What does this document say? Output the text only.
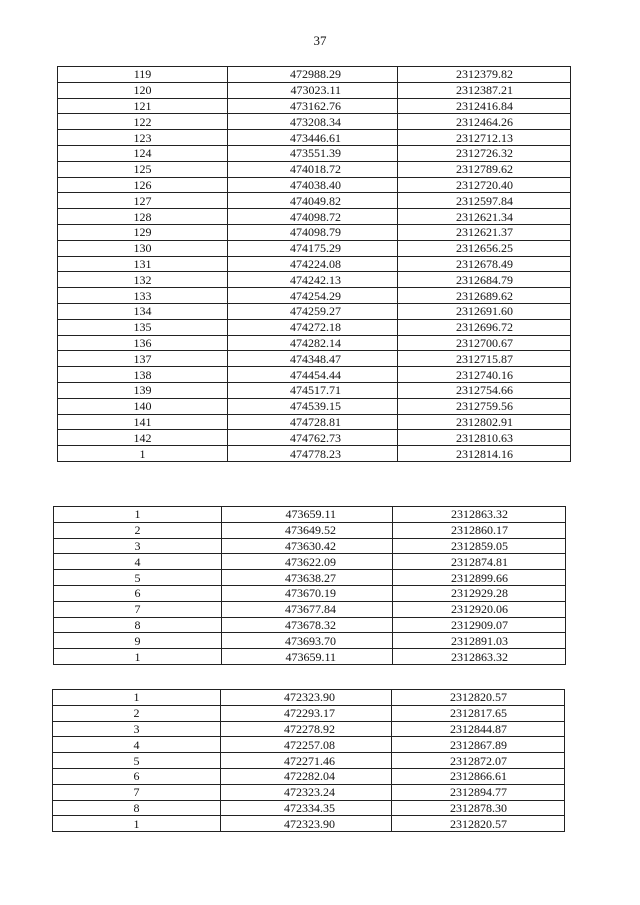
37
119	472988.29	2312379.82
120	473023.11	2312387.21
121	473162.76	2312416.84
122	473208.34	2312464.26
123	473446.61	2312712.13
124	473551.39	2312726.32
125	474018.72	2312789.62
126	474038.40	2312720.40
127	474049.82	2312597.84
128	474098.72	2312621.34
129	474098.79	2312621.37
130	474175.29	2312656.25
131	474224.08	2312678.49
132	474242.13	2312684.79
133	474254.29	2312689.62
134	474259.27	2312691.60
135	474272.18	2312696.72
136	474282.14	2312700.67
137	474348.47	2312715.87
138	474454.44	2312740.16
139	474517.71	2312754.66
140	474539.15	2312759.56
141	474728.81	2312802.91
142	474762.73	2312810.63
1	474778.23	2312814.16
1	473659.11	2312863.32
2	473649.52	2312860.17
3	473630.42	2312859.05
4	473622.09	2312874.81
5	473638.27	2312899.66
6	473670.19	2312929.28
7	473677.84	2312920.06
8	473678.32	2312909.07
9	473693.70	2312891.03
1	473659.11	2312863.32
1	472323.90	2312820.57
2	472293.17	2312817.65
3	472278.92	2312844.87
4	472257.08	2312867.89
5	472271.46	2312872.07
6	472282.04	2312866.61
7	472323.24	2312894.77
8	472334.35	2312878.30
1	472323.90	2312820.57
